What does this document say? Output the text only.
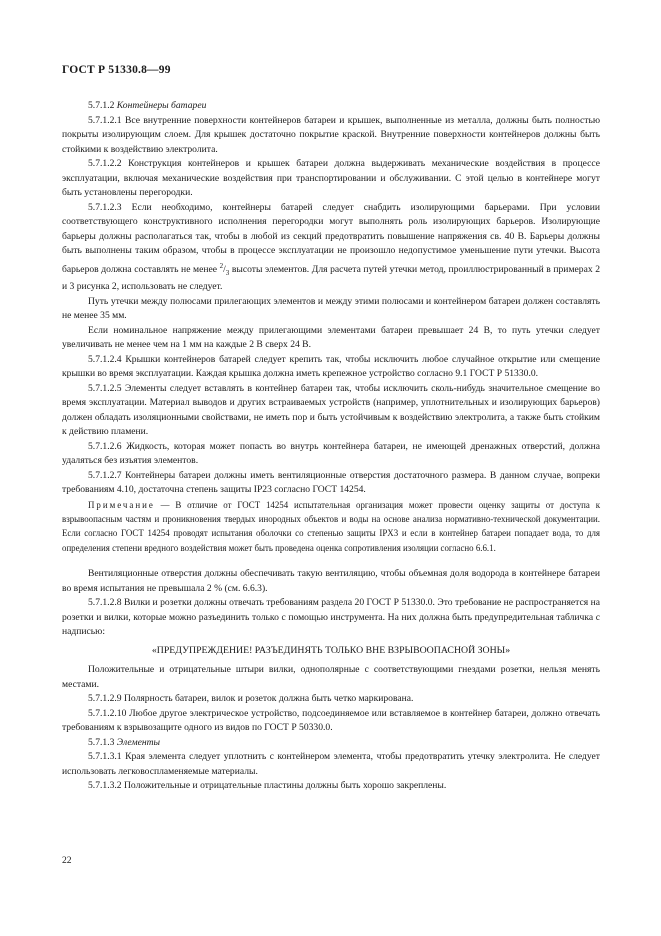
ГОСТ Р 51330.8—99

5.7.1.2 Контейнеры батареи

5.7.1.2.1 Все внутренние поверхности контейнеров батареи и крышек, выполненные из металла, должны быть полностью покрыты изолирующим слоем. Для крышек достаточно покрытие краской. Внутренние поверхности контейнеров должны быть стойкими к воздействию электролита.

5.7.1.2.2 Конструкция контейнеров и крышек батареи должна выдерживать механические воздействия в процессе эксплуатации, включая механические воздействия при транспортировании и обслуживании. С этой целью в контейнере могут быть установлены перегородки.

5.7.1.2.3 Если необходимо, контейнеры батарей следует снабдить изолирующими барьерами. При условии соответствующего конструктивного исполнения перегородки могут выполнять роль изолирующих барьеров. Изолирующие барьеры должны располагаться так, чтобы в любой из секций предотвратить повышение напряжения св. 40 В. Барьеры должны быть выполнены таким образом, чтобы в процессе эксплуатации не произошло недопустимое уменьшение пути утечки. Высота барьеров должна составлять не менее $^2/_3$ высоты элементов. Для расчета путей утечки метод, проиллюстрированный в примерах 2 и 3 рисунка 2, использовать не следует.

Путь утечки между полюсами прилегающих элементов и между этими полюсами и контейнером батареи должен составлять не менее 35 мм.

Если номинальное напряжение между прилегающими элементами батареи превышает 24 В, то путь утечки следует увеличивать не менее чем на 1 мм на каждые 2 В сверх 24 В.

5.7.1.2.4 Крышки контейнеров батарей следует крепить так, чтобы исключить любое случайное открытие или смещение крышки во время эксплуатации. Каждая крышка должна иметь крепежное устройство согласно 9.1 ГОСТ Р 51330.0.

5.7.1.2.5 Элементы следует вставлять в контейнер батареи так, чтобы исключить сколь-нибудь значительное смещение во время эксплуатации. Материал выводов и других встраиваемых устройств (например, уплотнительных и изолирующих барьеров) должен обладать изоляционными свойствами, не иметь пор и быть устойчивым к воздействию электролита, а также быть стойким к действию пламени.

5.7.1.2.6 Жидкость, которая может попасть во внутрь контейнера батареи, не имеющей дренажных отверстий, должна удаляться без изъятия элементов.

5.7.1.2.7 Контейнеры батареи должны иметь вентиляционные отверстия достаточного размера. В данном случае, вопреки требованиям 4.10, достаточна степень защиты IP23 согласно ГОСТ 14254.

Примечание — В отличие от ГОСТ 14254 испытательная организация может провести оценку защиты от доступа к взрывоопасным частям и проникновения твердых инородных объектов и воды на основе анализа нормативно-технической документации. Если согласно ГОСТ 14254 проводят испытания оболочки со степенью защиты IPX3 и если в контейнер батареи попадает вода, то для определения степени вредного воздействия может быть проведена оценка сопротивления изоляции согласно 6.6.1.

Вентиляционные отверстия должны обеспечивать такую вентиляцию, чтобы объемная доля водорода в контейнере батареи во время испытания не превышала 2 % (см. 6.6.3).

5.7.1.2.8 Вилки и розетки должны отвечать требованиям раздела 20 ГОСТ Р 51330.0. Это требование не распространяется на розетки и вилки, которые можно разъединить только с помощью инструмента. На них должна быть предупредительная табличка с надписью:

«ПРЕДУПРЕЖДЕНИЕ! РАЗЪЕДИНЯТЬ ТОЛЬКО ВНЕ ВЗРЫВООПАСНОЙ ЗОНЫ»

Положительные и отрицательные штыри вилки, однополярные с соответствующими гнездами розетки, нельзя менять местами.

5.7.1.2.9 Полярность батареи, вилок и розеток должна быть четко маркирована.

5.7.1.2.10 Любое другое электрическое устройство, подсоединяемое или вставляемое в контейнер батареи, должно отвечать требованиям к взрывозащите одного из видов по ГОСТ Р 50330.0.

5.7.1.3 Элементы

5.7.1.3.1 Края элемента следует уплотнить с контейнером элемента, чтобы предотвратить утечку электролита. Не следует использовать легковоспламеняемые материалы.

5.7.1.3.2 Положительные и отрицательные пластины должны быть хорошо закреплены.

22
